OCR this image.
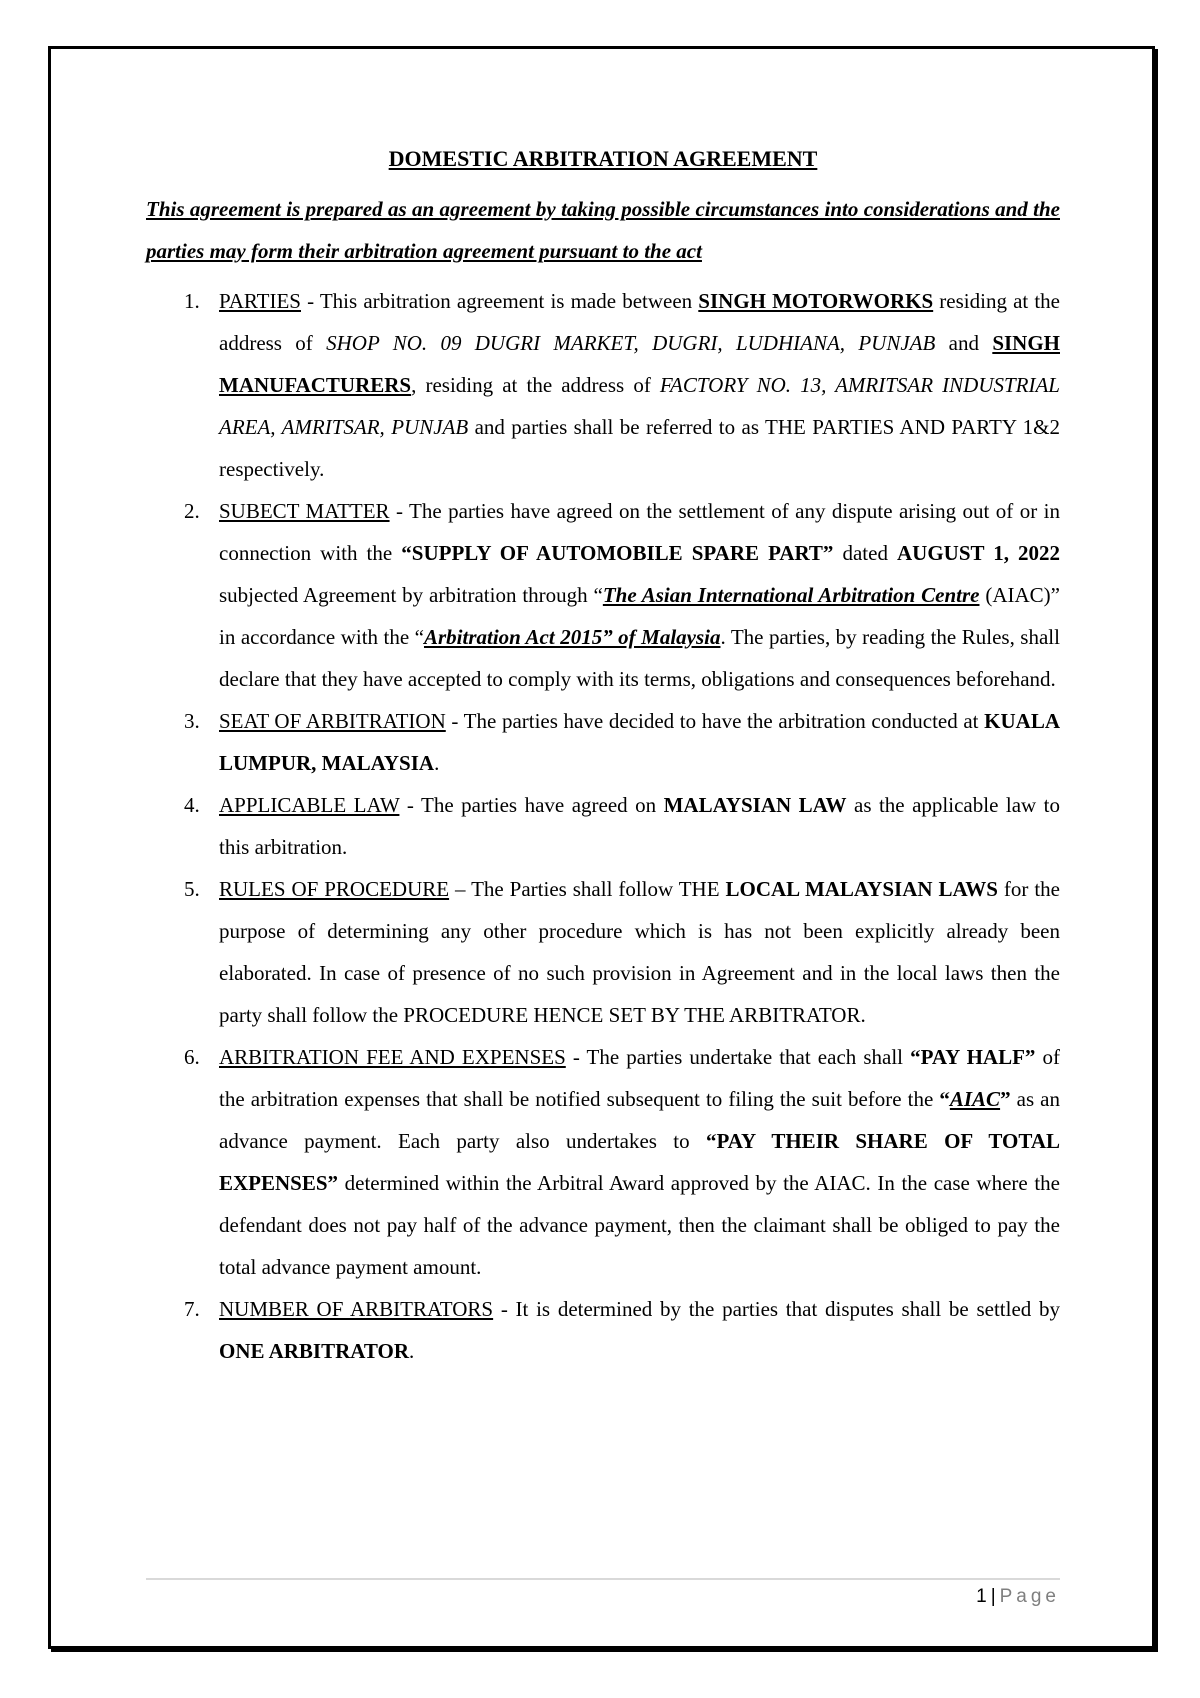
DOMESTIC ARBITRATION AGREEMENT

This agreement is prepared as an agreement by taking possible circumstances into considerations and the parties may form their arbitration agreement pursuant to the act

1. PARTIES - This arbitration agreement is made between SINGH MOTORWORKS residing at the address of SHOP NO. 09 DUGRI MARKET, DUGRI, LUDHIANA, PUNJAB and SINGH MANUFACTURERS, residing at the address of FACTORY NO. 13, AMRITSAR INDUSTRIAL AREA, AMRITSAR, PUNJAB and parties shall be referred to as THE PARTIES AND PARTY 1&2 respectively.
2. SUBECT MATTER - The parties have agreed on the settlement of any dispute arising out of or in connection with the “SUPPLY OF AUTOMOBILE SPARE PART” dated AUGUST 1, 2022 subjected Agreement by arbitration through “The Asian International Arbitration Centre (AIAC)” in accordance with the “Arbitration Act 2015” of Malaysia. The parties, by reading the Rules, shall declare that they have accepted to comply with its terms, obligations and consequences beforehand.
3. SEAT OF ARBITRATION - The parties have decided to have the arbitration conducted at KUALA LUMPUR, MALAYSIA.
4. APPLICABLE LAW - The parties have agreed on MALAYSIAN LAW as the applicable law to this arbitration.
5. RULES OF PROCEDURE – The Parties shall follow THE LOCAL MALAYSIAN LAWS for the purpose of determining any other procedure which is has not been explicitly already been elaborated. In case of presence of no such provision in Agreement and in the local laws then the party shall follow the PROCEDURE HENCE SET BY THE ARBITRATOR.
6. ARBITRATION FEE AND EXPENSES - The parties undertake that each shall “PAY HALF” of the arbitration expenses that shall be notified subsequent to filing the suit before the “AIAC” as an advance payment. Each party also undertakes to “PAY THEIR SHARE OF TOTAL EXPENSES” determined within the Arbitral Award approved by the AIAC. In the case where the defendant does not pay half of the advance payment, then the claimant shall be obliged to pay the total advance payment amount.
7. NUMBER OF ARBITRATORS - It is determined by the parties that disputes shall be settled by ONE ARBITRATOR.
1 | Page
